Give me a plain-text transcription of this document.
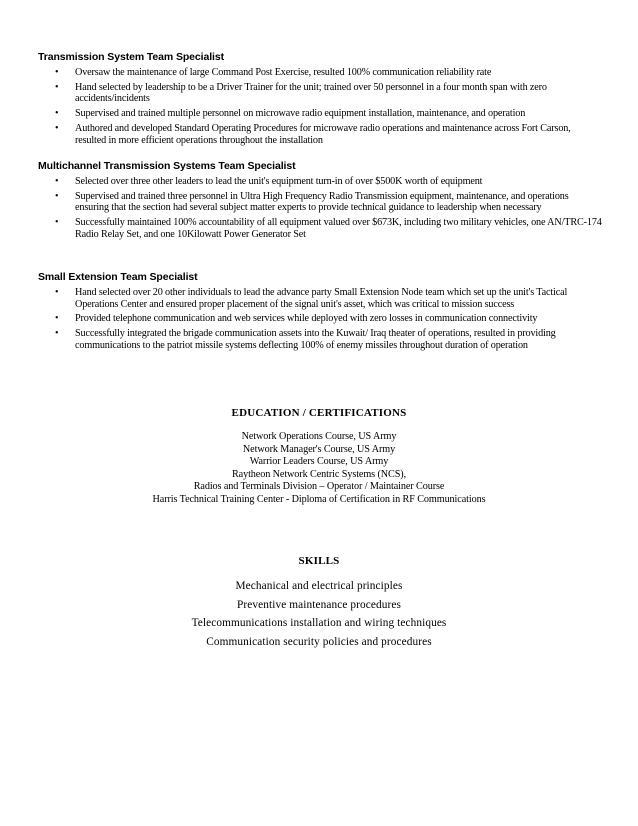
Transmission System Team Specialist
• Oversaw the maintenance of large Command Post Exercise, resulted 100% communication reliability rate
• Hand selected by leadership to be a Driver Trainer for the unit; trained over 50 personnel in a four month span with zero accidents/incidents
• Supervised and trained multiple personnel on microwave radio equipment installation, maintenance, and operation
• Authored and developed Standard Operating Procedures for microwave radio operations and maintenance across Fort Carson, resulted in more efficient operations throughout the installation
Multichannel Transmission Systems Team Specialist
• Selected over three other leaders to lead the unit's equipment turn-in of over $500K worth of equipment
• Supervised and trained three personnel in Ultra High Frequency Radio Transmission equipment, maintenance, and operations ensuring that the section had several subject matter experts to provide technical guidance to leadership when necessary
• Successfully maintained 100% accountability of all equipment valued over $673K, including two military vehicles, one AN/TRC-174 Radio Relay Set, and one 10Kilowatt Power Generator Set
Small Extension Team Specialist
• Hand selected over 20 other individuals to lead the advance party Small Extension Node team which set up the unit's Tactical Operations Center and ensured proper placement of the signal unit's asset, which was critical to mission success
• Provided telephone communication and web services while deployed with zero losses in communication connectivity
• Successfully integrated the brigade communication assets into the Kuwait/ Iraq theater of operations, resulted in providing communications to the patriot missile systems deflecting 100% of enemy missiles throughout duration of operation
EDUCATION / CERTIFICATIONS
Network Operations Course, US Army
Network Manager's Course, US Army
Warrior Leaders Course, US Army
Raytheon Network Centric Systems (NCS),
Radios and Terminals Division – Operator / Maintainer Course
Harris Technical Training Center - Diploma of Certification in RF Communications
SKILLS
Mechanical and electrical principles
Preventive maintenance procedures
Telecommunications installation and wiring techniques
Communication security policies and procedures
